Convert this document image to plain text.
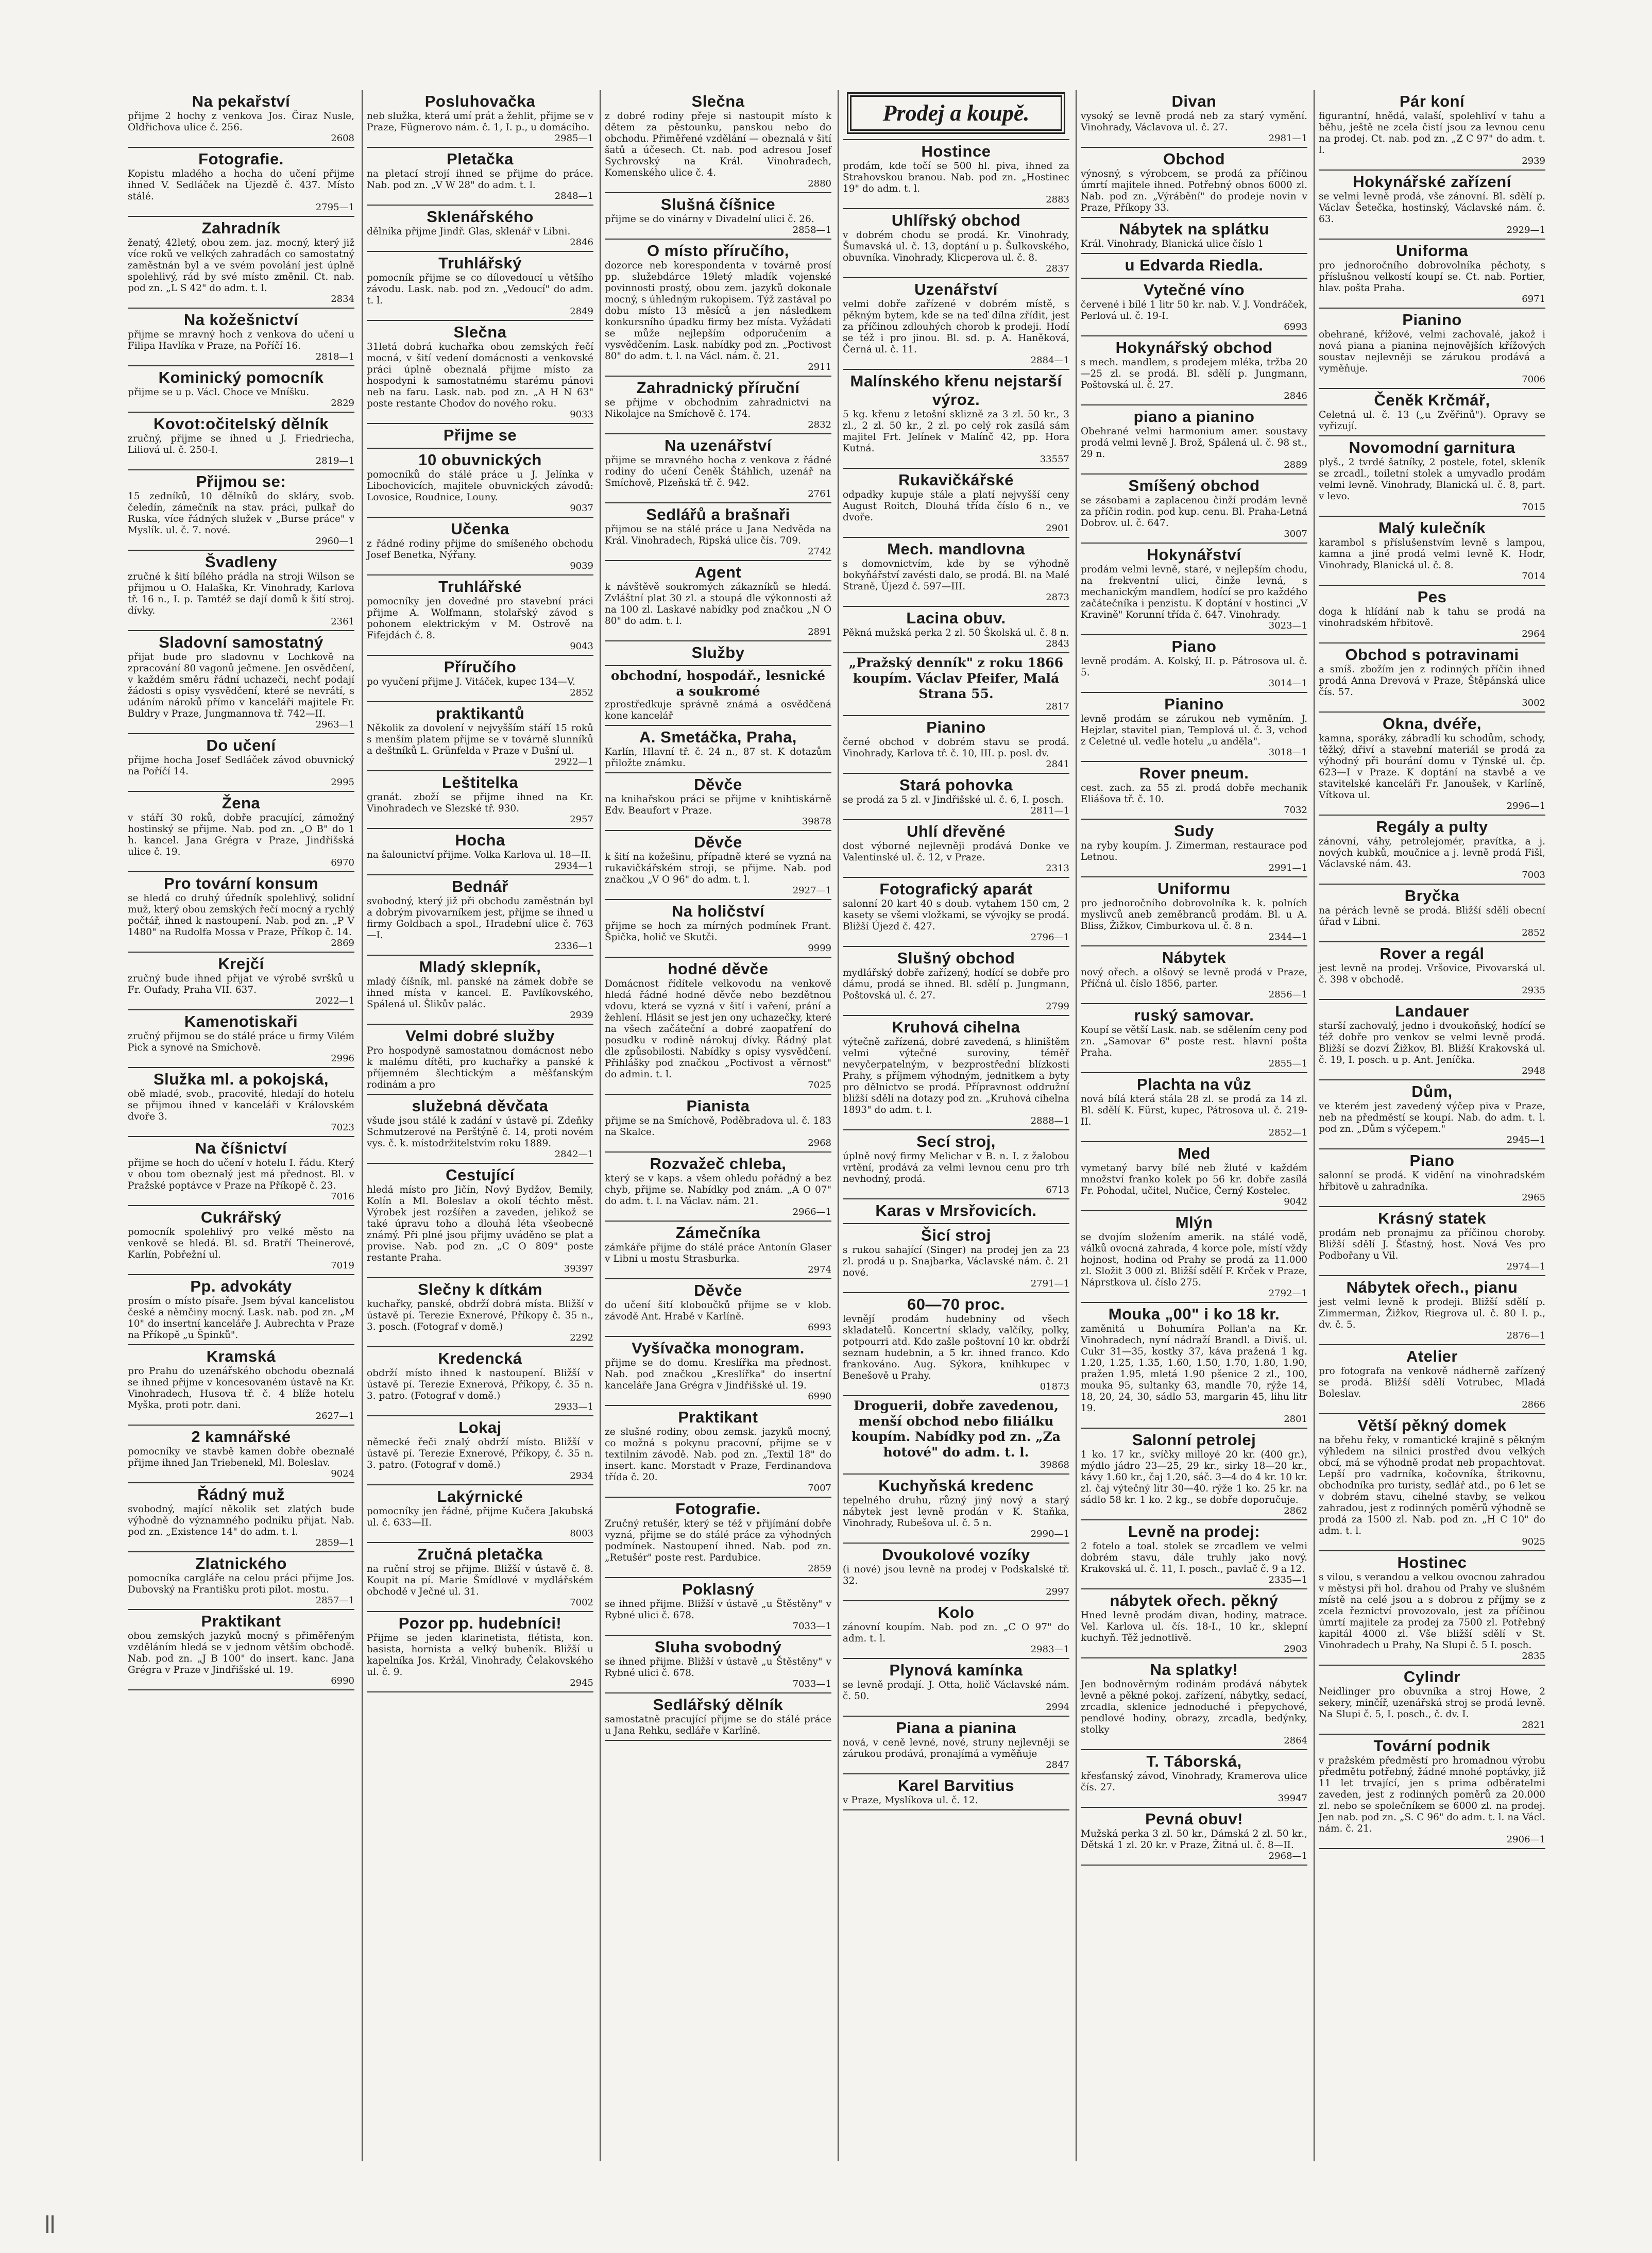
Na pekařství
přijme 2 hochy z venkova Jos. Čiraz Nusle, Oldřichova ulice č. 256.
2608
Fotografie.
Kopistu mladého a hocha do učení přijme ihned V. Sedláček na Újezdě č. 437. Místo stálé.
2795—1
Zahradník
ženatý, 42letý, obou zem. jaz. mocný, který již více roků ve velkých zahradách co samostatný zaměstnán byl a ve svém povolání jest úplně spolehlivý, rád by své místo změnil. Ct. nab. pod zn. „L S 42" do adm. t. l.
2834
Na kožešnictví
přijme se mravný hoch z venkova do učení u Filipa Havlíka v Praze, na Poříčí 16.
2818—1
Kominický pomocník
přijme se u p. Václ. Choce ve Mníšku.
2829
Kovot:očitelský dělník
zručný, přijme se ihned u J. Friedriecha, Liliová ul. č. 250-I.
2819—1
Přijmou se:
15 zedníků, 10 dělníků do skláry, svob. čeledín, zámečník na stav. práci, pulkař do Ruska, více řádných služek v „Burse práce" v Myslík. ul. č. 7. nové.
2960—1
Švadleny
zručné k šití bílého prádla na stroji Wilson se přijmou u O. Halaška, Kr. Vinohrady, Karlova tř. 16 n., I. p. Tamtéž se dají domů k šití stroj. dívky.
2361
Sladovní samostatný
přijat bude pro sladovnu v Lochkově na zpracování 80 vagonů ječmene. Jen osvědčení, v každém směru řádní uchazeči, nechť podají žádosti s opisy vysvědčení, které se nevrátí, s udáním nároků přímo v kanceláři majitele Fr. Buldry v Praze, Jungmannova tř. 742—II.
2963—1
Do učení
přijme hocha Josef Sedláček závod obuvnický na Poříčí 14.
2995
Žena
v stáří 30 roků, dobře pracující, zámožný hostinský se přijme. Nab. pod zn. „O B" do 1 h. kancel. Jana Grégra v Praze, Jindřišská ulice č. 19.
6970
Pro tovární konsum
se hledá co druhý úředník spolehlivý, solidní muž, který obou zemských řečí mocný a rychlý počtář, ihned k nastoupení. Nab. pod zn. „P V 1480" na Rudolfa Mossa v Praze, Příkop č. 14.
2869
Krejčí
zručný bude ihned přijat ve výrobě svršků u Fr. Oufady, Praha VII. 637.
2022—1
Kamenotiskaři
zručný přijmou se do stálé práce u firmy Vilém Pick a synové na Smíchově.
2996
Služka ml. a pokojská,
obě mladé, svob., pracovité, hledají do hotelu se přijmou ihned v kanceláři v Královském dvoře 3.
7023
Na číšnictví
přijme se hoch do učení v hotelu I. řádu. Který v obou tom obeznalý jest má přednost. Bl. v Pražské poptávce v Praze na Příkopě č. 23.
7016
Cukrářský
pomocník spolehlivý pro velké město na venkově se hledá. Bl. sd. Bratří Theinerové, Karlín, Pobřežní ul.
7019
Pp. advokáty
prosím o místo písaře. Jsem býval kancelistou české a němčiny mocný. Lask. nab. pod zn. „M 10" do insertní kanceláře J. Aubrechta v Praze na Příkopě „u Špinků".
Kramská
pro Prahu do uzenářského obchodu obeznalá se ihned přijme v koncesovaném ústavě na Kr. Vinohradech, Husova tř. č. 4 blíže hotelu Myška, proti potr. dani.
2627—1
2 kamnářské
pomocníky ve stavbě kamen dobře obeznalé přijme ihned Jan Triebenekl, Ml. Boleslav.
9024
Řádný muž
svobodný, mající několik set zlatých bude výhodně do významného podniku přijat. Nab. pod zn. „Existence 14" do adm. t. l.
2859—1
Zlatnického
pomocníka cargláře na celou práci přijme Jos. Dubovský na Františku proti pilot. mostu.
2857—1
Praktikant
obou zemských jazyků mocný s přiměřeným vzděláním hledá se v jednom větším obchodě. Nab. pod zn. „J B 100" do insert. kanc. Jana Grégra v Praze v Jindřišské ul. 19.
6990
Posluhovačka
neb služka, která umí prát a žehlit, přijme se v Praze, Fügnerovo nám. č. 1, I. p., u domácího.
2985—1
Pletačka
na pletací strojí ihned se přijme do práce. Nab. pod zn. „V W 28" do adm. t. l.
2848—1
Sklenářského
dělníka přijme Jindř. Glas, sklenář v Libni.
2846
Truhlářský
pomocník přijme se co dílovedoucí u většího závodu. Lask. nab. pod zn. „Vedoucí" do adm. t. l.
2849
Slečna
31letá dobrá kuchařka obou zemských řečí mocná, v šití vedení domácnosti a venkovské práci úplně obeznalá přijme místo za hospodyni k samostatnému starému pánovi neb na faru. Lask. nab. pod zn. „A H N 63" poste restante Chodov do nového roku.
9033
Přijme se
10 obuvnických
pomocníků do stálé práce u J. Jelínka v Libochovicích, majitele obuvnických závodů: Lovosice, Roudnice, Louny.
9037
Učenka
z řádné rodiny přijme do smíšeného obchodu Josef Benetka, Nýřany.
9039
Truhlářské
pomocníky jen dovedné pro stavební práci přijme A. Wolfmann, stolařský závod s pohonem elektrickým v M. Ostrově na Fifejdách č. 8.
9043
Příručího
po vyučení přijme J. Vitáček, kupec 134—V.
2852
praktikantů
Několik za dovolení v nejvyšším stáří 15 roků s menším platem přijme se v továrně slunníků a deštníků L. Grünfelda v Praze v Dušní ul.
2922—1
Leštitelka
granát. zboží se přijme ihned na Kr. Vinohradech ve Slezské tř. 930.
2957
Hocha
na šalounictví přijme. Volka Karlova ul. 18—II.
2934—1
Bednář
svobodný, který již při obchodu zaměstnán byl a dobrým pivovarníkem jest, přijme se ihned u firmy Goldbach a spol., Hradební ulice č. 763—I.
2336—1
Mladý sklepník,
mladý číšník, ml. panské na zámek dobře se ihned místa v kancel. E. Pavlíkovského, Spálená ul. Šlikův palác.
2939
Velmi dobré služby
Pro hospodyně samostatnou domácnost nebo k malému dítěti, pro kuchařky a panské k příjemném šlechtickým a měšťanským rodinám a pro
služebná děvčata
všude jsou stálé k zadání v ústavě pí. Zdeňky Schmutzerové na Perštýně č. 14, proti novém vys. č. k. místodržitelstvím roku 1889.
2842—1
Cestující
hledá místo pro Jičín, Nový Bydžov, Bemily, Kolín a Ml. Boleslav a okolí téchto měst. Výrobek jest rozšířen a zaveden, jelikož se také úpravu toho a dlouhá léta všeobecně známý. Při plné jsou přijmy uváděno se plat a provise. Nab. pod zn. „C O 809" poste restante Praha.
39397
Slečny k dítkám
kuchařky, panské, obdrží dobrá místa. Bližší v ústavě pí. Terezie Exnerové, Příkopy č. 35 n., 3. posch. (Fotograf v domě.)
2292
Kredencká
obdrží místo ihned k nastoupení. Bližší v ústavě pí. Terezie Exnerová, Příkopy, č. 35 n. 3. patro. (Fotograf v domě.)
2933—1
Lokaj
německé řeči znalý obdrží místo. Bližší v ústavě pí. Terezie Exnerové, Příkopy, č. 35 n. 3. patro. (Fotograf v domě.)
2934
Lakýrnické
pomocníky jen řádné, přijme Kučera Jakubská ul. č. 633—II.
8003
Zručná pletačka
na ruční stroj se přijme. Bližší v ústavě č. 8. Koupit na pí. Marie Šmídlové v mydlářském obchodě v Ječné ul. 31.
7002
Pozor pp. hudebníci!
Přijme se jeden klarinetista, flétista, kon. basista, hornista a velký bubeník. Bližší u kapelníka Jos. Kržál, Vinohrady, Čelakovského ul. č. 9.
2945
Slečna
z dobré rodiny přeje si nastoupit místo k dětem za pěstounku, panskou nebo do obchodu. Přiměřené vzdělání — obeznalá v šití šatů a účesech. Ct. nab. pod adresou Josef Sychrovský na Král. Vinohradech, Komenského ulice č. 4.
2880
Slušná číšnice
přijme se do vinárny v Divadelní ulici č. 26.
2858—1
O místo příručího,
dozorce neb korespondenta v továrně prosí pp. služebdárce 19letý mladík vojenské povinnosti prostý, obou zem. jazyků dokonale mocný, s úhledným rukopisem. Týž zastával po dobu místo 13 měsíců a jen následkem konkursního úpadku firmy bez místa. Vyžádati se může nejlepším odporučením a vysvědčením. Lask. nabídky pod zn. „Poctivost 80" do adm. t. l. na Václ. nám. č. 21.
2911
Zahradnický příruční
se přijme v obchodním zahradnictví na Nikolajce na Smíchově č. 174.
2832
Na uzenářství
přijme se mravného hocha z venkova z řádné rodiny do učení Čeněk Štáhlich, uzenář na Smíchově, Plzeňská tř. č. 942.
2761
Sedlářů a brašnaři
přijmou se na stálé práce u Jana Nedvěda na Král. Vinohradech, Ripská ulice čís. 709.
2742
Agent
k návštěvě soukromých zákazníků se hledá. Zvláštní plat 30 zl. a stoupá dle výkonnosti až na 100 zl. Laskavé nabídky pod značkou „N O 80" do adm. t. l.
2891
Služby
obchodní, hospodář., lesnické a soukromé
zprostředkuje správně známá a osvědčená kone kancelář
A. Smetáčka, Praha,
Karlín, Hlavní tř. č. 24 n., 87 st. K dotazům přiložte známku.
Děvče
na knihařskou práci se přijme v knihtiskárně Edv. Beaufort v Praze.
39878
Děvče
k šití na kožešinu, případně které se vyzná na rukavičkářském stroji, se přijme. Nab. pod značkou „V O 96" do adm. t. l.
2927—1
Na holičství
přijme se hoch za mírných podmínek Frant. Špička, holič ve Skutči.
9999
hodné děvče
Domácnost řídítele velkovodu na venkově hledá řádné hodné děvče nebo bezdětnou vdovu, která se vyzná v šití i vaření, prání a žehlení. Hlásit se jest jen ony uchazečky, které na všech začáteční a dobré zaopatření do posudku v rodině nárokuj dívky. Řádný plat dle způsobilosti. Nabídky s opisy vysvědčení. Přihlášky pod značkou „Poctivost a věrnost" do admin. t. l.
7025
Pianista
přijme se na Smíchově, Poděbradova ul. č. 183 na Skalce.
2968
Rozvažeč chleba,
který se v kaps. a všem ohledu pořádný a bez chyb, přijme se. Nabídky pod znám. „A O 07" do adm. t. l. na Václav. nám. 21.
2966—1
Zámečníka
zámkáře přijme do stálé práce Antonín Glaser v Libni u mostu Strasburka.
2974
Děvče
do učení šití kloboučků přijme se v klob. závodě Ant. Hrabě v Karlíně.
6993
Vyšívačka monogram.
přijme se do domu. Kreslířka ma přednost. Nab. pod značkou „Kreslířka" do insertní kanceláře Jana Grégra v Jindřišské ul. 19.
6990
Praktikant
ze slušné rodiny, obou zemsk. jazyků mocný, co možná s pokynu pracovní, přijme se v textilním závodě. Nab. pod zn. „Textil 18" do insert. kanc. Morstadt v Praze, Ferdinandova třída č. 20.
7007
Fotografie.
Zručný retušér, který se též v přijímání dobře vyzná, přijme se do stálé práce za výhodných podmínek. Nastoupení ihned. Nab. pod zn. „Retušér" poste rest. Pardubice.
2859
Poklasný
se ihned přijme. Bližší v ústavě „u Štěstěny" v Rybné ulici č. 678.
7033—1
Sluha svobodný
se ihned přijme. Bližší v ústavě „u Štěstěny" v Rybné ulici č. 678.
7033—1
Sedlářský dělník
samostatně pracující přijme se do stálé práce u Jana Rehku, sedláře v Karlíně.
Prodej a koupě.
Hostince
prodám, kde točí se 500 hl. piva, ihned za Strahovskou branou. Nab. pod zn. „Hostinec 19" do adm. t. l.
2883
Uhlířský obchod
v dobrém chodu se prodá. Kr. Vinohrady, Šumavská ul. č. 13, doptání u p. Šulkovského, obuvníka. Vinohrady, Klicperova ul. č. 8.
2837
Uzenářství
velmi dobře zařízené v dobrém místě, s pěkným bytem, kde se na teď dílna zřídit, jest za příčinou zdlouhých chorob k prodeji. Hodí se též i pro jinou. Bl. sd. p. A. Haněková, Černá ul. č. 11.
2884—1
Malínského křenu nejstarší výroz.
5 kg. křenu z letošní sklizně za 3 zl. 50 kr., 3 zl., 2 zl. 50 kr., 2 zl. po celý rok zasílá sám majitel Frt. Jelínek v Malínč 42, pp. Hora Kutná.
33557
Rukavičkářské
odpadky kupuje stále a platí nejvyšší ceny August Roitch, Dlouhá třída číslo 6 n., ve dvoře.
2901
Mech. mandlovna
s domovnictvím, kde by se výhodně bokyňářství zavésti dalo, se prodá. Bl. na Malé Straně, Újezd č. 597—III.
2873
Lacina obuv.
Pěkná mužská perka 2 zl. 50 Školská ul. č. 8 n.
2843
„Pražský denník" z roku 1866 koupím. Václav Pfeifer, Malá Strana 55.
2817
Pianino
černé obchod v dobrém stavu se prodá. Vinohrady, Karlova tř. č. 10, III. p. posl. dv.
2841
Stará pohovka
se prodá za 5 zl. v Jindřišské ul. č. 6, I. posch.
2811—1
Uhlí dřevěné
dost výborné nejlevněji prodává Donke ve Valentinské ul. č. 12, v Praze.
2313
Fotografický aparát
salonní 20 kart 40 s doub. vytahem 150 cm, 2 kasety se všemi vložkami, se vývojky se prodá. Bližší Újezd č. 427.
2796—1
Slušný obchod
mydlářský dobře zařízený, hodící se dobře pro dámu, prodá se ihned. Bl. sdělí p. Jungmann, Poštovská ul. č. 27.
2799
Kruhová cihelna
výtečně zařízená, dobré zavedená, s hliništěm velmi výtečné suroviny, téměř nevyčerpatelným, v bezprostřední blízkosti Prahy, s příjmem výhodným, jednitkem a byty pro dělnictvo se prodá. Přípravnost oddružní bližší sdělí na dotazy pod zn. „Kruhová cihelna 1893" do adm. t. l.
2888—1
Secí stroj,
úplně nový firmy Melichar v B. n. I. z žalobou vrtění, prodává za velmi levnou cenu pro trh nevhodný, prodá.
6713
Karas v Mrsřovicích.
Šicí stroj
s rukou sahající (Singer) na prodej jen za 23 zl. prodá u p. Snajbarka, Václavské nám. č. 21 nové.
2791—1
60—70 proc.
levnějí prodám hudebniny od všech skladatelů. Koncertní sklady, valčíky, polky, potpourri atd. Kdo zašle poštovní 10 kr. obdrží seznam hudebnin, a 5 kr. ihned franco. Kdo frankováno. Aug. Sýkora, knihkupec v Benešově u Prahy.
01873
Droguerii, dobře zavedenou, menší obchod nebo filiálku koupím. Nabídky pod zn. „Za hotové" do adm. t. l.
39868
Kuchyňská kredenc
tepelného druhu, různý jiný nový a starý nábytek jest levně prodán v K. Staňka, Vinohrady, Rubešova ul. č. 5 n.
2990—1
Dvoukolové vozíky
(i nové) jsou levně na prodej v Podskalské tř. 32.
2997
Kolo
zánovní koupím. Nab. pod zn. „C O 97" do adm. t. l.
2983—1
Plynová kamínka
se levně prodají. J. Otta, holič Václavské nám. č. 50.
2994
Piana a pianina
nová, v ceně levné, nové, struny nejlevněji se zárukou prodává, pronajímá a vyměňuje
2847
Karel Barvitius
v Praze, Myslíkova ul. č. 12.
Divan
vysoký se levně prodá neb za starý vymění. Vinohrady, Václavova ul. č. 27.
2981—1
Obchod
výnosný, s výrobcem, se prodá za příčinou úmrtí majitele ihned. Potřebný obnos 6000 zl. Nab. pod zn. „Výrábění" do prodeje novin v Praze, Příkopy 33.
Nábytek na splátku
Král. Vinohrady, Blanická ulice číslo 1
u Edvarda Riedla.
Vytečné víno
červené i bílé 1 litr 50 kr. nab. V. J. Vondráček, Perlová ul. č. 19-I.
6993
Hokynářský obchod
s mech. mandlem, s prodejem mléka, tržba 20—25 zl. se prodá. Bl. sdělí p. Jungmann, Poštovská ul. č. 27.
2846
piano a pianino
Obehrané velmi harmonium amer. soustavy prodá velmi levně J. Brož, Spálená ul. č. 98 st., 29 n.
2889
Smíšený obchod
se zásobami a zaplacenou činží prodám levně za příčin rodin. pod kup. cenu. Bl. Praha-Letná Dobrov. ul. č. 647.
3007
Hokynářství
prodám velmi levně, staré, v nejlepším chodu, na frekventní ulici, činže levná, s mechanickým mandlem, hodící se pro každého začátečníka i penzistu. K doptání v hostinci „V Kravině" Korunní třída č. 647. Vinohrady.
3023—1
Piano
levně prodám. A. Kolský, II. p. Pátrosova ul. č. 5.
3014—1
Pianino
levně prodám se zárukou neb vyměním. J. Hejzlar, stavitel pian, Templová ul. č. 3, vchod z Celetné ul. vedle hotelu „u anděla".
3018—1
Rover pneum.
cest. zach. za 55 zl. prodá dobře mechanik Eliášova tř. č. 10.
7032
Sudy
na ryby koupím. J. Zimerman, restaurace pod Letnou.
2991—1
Uniformu
pro jednoročního dobrovolníka k. k. polních myslivců aneb zeměbranců prodám. Bl. u A. Bliss, Žižkov, Cimburkova ul. č. 8 n.
2344—1
Nábytek
nový ořech. a olšový se levně prodá v Praze, Příčná ul. číslo 1856, parter.
2856—1
ruský samovar.
Koupí se větší Lask. nab. se sdělením ceny pod zn. „Samovar 6" poste rest. hlavní pošta Praha.
2855—1
Plachta na vůz
nová bílá která stála 28 zl. se prodá za 14 zl. Bl. sdělí K. Fürst, kupec, Pátrosova ul. č. 219-II.
2852—1
Med
vymetaný barvy bílé neb žluté v každém množství franko kolek po 56 kr. dobře zasílá Fr. Pohodal, učitel, Nučice, Černý Kostelec.
9042
Mlýn
se dvojím složením amerik. na stálé vodě, válků ovocná zahrada, 4 korce pole, místí vždy hojnost, hodina od Prahy se prodá za 11.000 zl. Složit 3 000 zl. Bližší sdělí F. Krček v Praze, Náprstkova ul. číslo 275.
2792—1
Mouka „00" i ko 18 kr.
zaměnitá u Bohumíra Pollan'a na Kr. Vinohradech, nyní nádraží Brandl. a Diviš. ul. Cukr 31—35, kostky 37, káva pražená 1 kg. 1.20, 1.25, 1.35, 1.60, 1.50, 1.70, 1.80, 1.90, pražen 1.95, mletá 1.90 pšenice 2 zl., 100, mouka 95, sultanky 63, mandle 70, rýže 14, 18, 20, 24, 30, sádlo 53, margarin 45, lihu litr 19.
2801
Salonní petrolej
1 ko. 17 kr., svíčky milloyé 20 kr. (400 gr.), mýdlo jádro 23—25, 29 kr., sirky 18—20 kr., kávy 1.60 kr., čaj 1.20, sáč. 3—4 do 4 kr. 10 kr. zl. čaj výtečný litr 30—40. rýže 1 ko. 25 kr. na sádlo 58 kr. 1 ko. 2 kg., se dobře doporučuje.
2862
Levně na prodej:
2 fotelo a toal. stolek se zrcadlem ve velmi dobrém stavu, dále truhly jako nový. Krakovská ul. č. 11, I. posch., pavlač č. 9 a 12.
2335—1
nábytek ořech. pěkný
Hned levně prodám divan, hodiny, matrace. Vel. Karlova ul. čís. 18-I., 10 kr., sklepní kuchyň. Těž jednotlivě.
2903
Na splatky!
Jen bodnověrným rodinám prodává nábytek levně a pěkné pokoj. zařízení, nábytky, sedací, zrcadla, sklenice jednoduché i přepychové, pendlové hodiny, obrazy, zrcadla, bedýnky, stolky
2864
T. Táborská,
křesťanský závod, Vinohrady, Kramerova ulice čís. 27.
39947
Pevná obuv!
Mužská perka 3 zl. 50 kr., Dámská 2 zl. 50 kr., Dětská 1 zl. 20 kr. v Praze, Žitná ul. č. 8—II.
2968—1
Pár koní
figurantní, hnědá, valaší, spolehliví v tahu a běhu, ještě ne zcela čistí jsou za levnou cenu na prodej. Ct. nab. pod zn. „Z C 97" do adm. t. l.
2939
Hokynářské zařízení
se velmi levně prodá, vše zánovní. Bl. sdělí p. Václav Šetečka, hostinský, Václavské nám. č. 63.
2929—1
Uniforma
pro jednoročního dobrovolníka pěchoty, s příslušnou velkostí koupí se. Ct. nab. Portier, hlav. pošta Praha.
6971
Pianino
obehrané, křížové, velmi zachovalé, jakož i nová piana a pianina nejnovějších křížových soustav nejlevněji se zárukou prodává a vyměňuje.
7006
Čeněk Krčmář,
Celetná ul. č. 13 („u Zvěřinů"). Opravy se vyřizují.
Novomodní garnitura
plyš., 2 tvrdé šatníky, 2 postele, fotel, skleník se zrcadl., toiletní stolek a umyvadlo prodám velmi levně. Vinohrady, Blanická ul. č. 8, part. v levo.
7015
Malý kulečník
karambol s příslušenstvím levně s lampou, kamna a jiné prodá velmi levně K. Hodr, Vinohrady, Blanická ul. č. 8.
7014
Pes
doga k hlídání nab k tahu se prodá na vinohradském hřbitově.
2964
Obchod s potravinami
a smíš. zbožím jen z rodinných příčin ihned prodá Anna Drevová v Praze, Štěpánská ulice čís. 57.
3002
Okna, dvéře,
kamna, sporáky, zábradlí ku schodům, schody, těžký, dřiví a stavební materiál se prodá za výhodný při bourání domu v Týnské ul. čp. 623—I v Praze. K doptání na stavbě a ve stavitelské kanceláři Fr. Janoušek, v Karlíně, Vítkova ul.
2996—1
Regály a pulty
zánovní, váhy, petrolejomér, pravítka, a j. nových kubků, moučnice a j. levně prodá Fišl, Václavské nám. 43.
7003
Bryčka
na pérách levně se prodá. Bližší sdělí obecní úřad v Libni.
2852
Rover a regál
jest levně na prodej. Vršovice, Pivovarská ul. č. 398 v obchodě.
2935
Landauer
starší zachovalý, jedno i dvoukoňský, hodící se též dobře pro venkov se velmi levně prodá. Bližší se dozví Žižkov, Bl. Bližší Krakovská ul. č. 19, I. posch. u p. Ant. Jeníčka.
2948
Dům,
ve kterém jest zavedený výčep piva v Praze, neb na předměstí se koupí. Nab. do adm. t. l. pod zn. „Dům s výčepem."
2945—1
Piano
salonní se prodá. K vidění na vinohradském hřbitově u zahradníka.
2965
Krásný statek
prodám neb pronajmu za příčinou choroby. Bližší sdělí J. Šťastný, host. Nová Ves pro Podbořany u Vil.
2974—1
Nábytek ořech., pianu
jest velmi levně k prodeji. Bližší sdělí p. Zimmerman, Žižkov, Riegrova ul. č. 80 I. p., dv. č. 5.
2876—1
Atelier
pro fotografa na venkově nádherně zařízený se prodá. Bližší sdělí Votrubec, Mladá Boleslav.
2866
Větší pěkný domek
na břehu řeky, v romantické krajině s pěkným výhledem na silnici prostřed dvou velkých obcí, má se výhodně prodat neb propachtovat. Lepší pro vadrníka, kočovníka, štrikovnu, obchodníka pro turisty, sedlář atd., po 6 let se v dobrém stavu, cihelné stavby, se velkou zahradou, jest z rodinných poměrů výhodně se prodá za 1500 zl. Nab. pod zn. „H C 10" do adm. t. l.
9025
Hostinec
s vilou, s verandou a velkou ovocnou zahradou v městysi při hol. drahou od Prahy ve slušném místě na celé jsou a s dobrou z příjmy se z zcela řeznictví provozovalo, jest za příčinou úmrtí majitele za prodej za 7500 zl. Potřebný kapitál 4000 zl. Vše bližší sdělí v St. Vinohradech u Prahy, Na Slupi č. 5 I. posch.
2835
Cylindr
Neidlinger pro obuvníka a stroj Howe, 2 sekery, minčíř, uzenářská stroj se prodá levně. Na Slupi č. 5, I. posch., č. dv. I.
2821
Tovární podnik
v pražském předměstí pro hromadnou výrobu předmětu potřebný, žádné mnohé poptávky, již 11 let trvající, jen s prima odběratelmi zaveden, jest z rodinných poměrů za 20.000 zl. nebo se společníkem se 6000 zl. na prodej. Jen nab. pod zn. „S. C 96" do adm. t. l. na Václ. nám. č. 21.
2906—1
